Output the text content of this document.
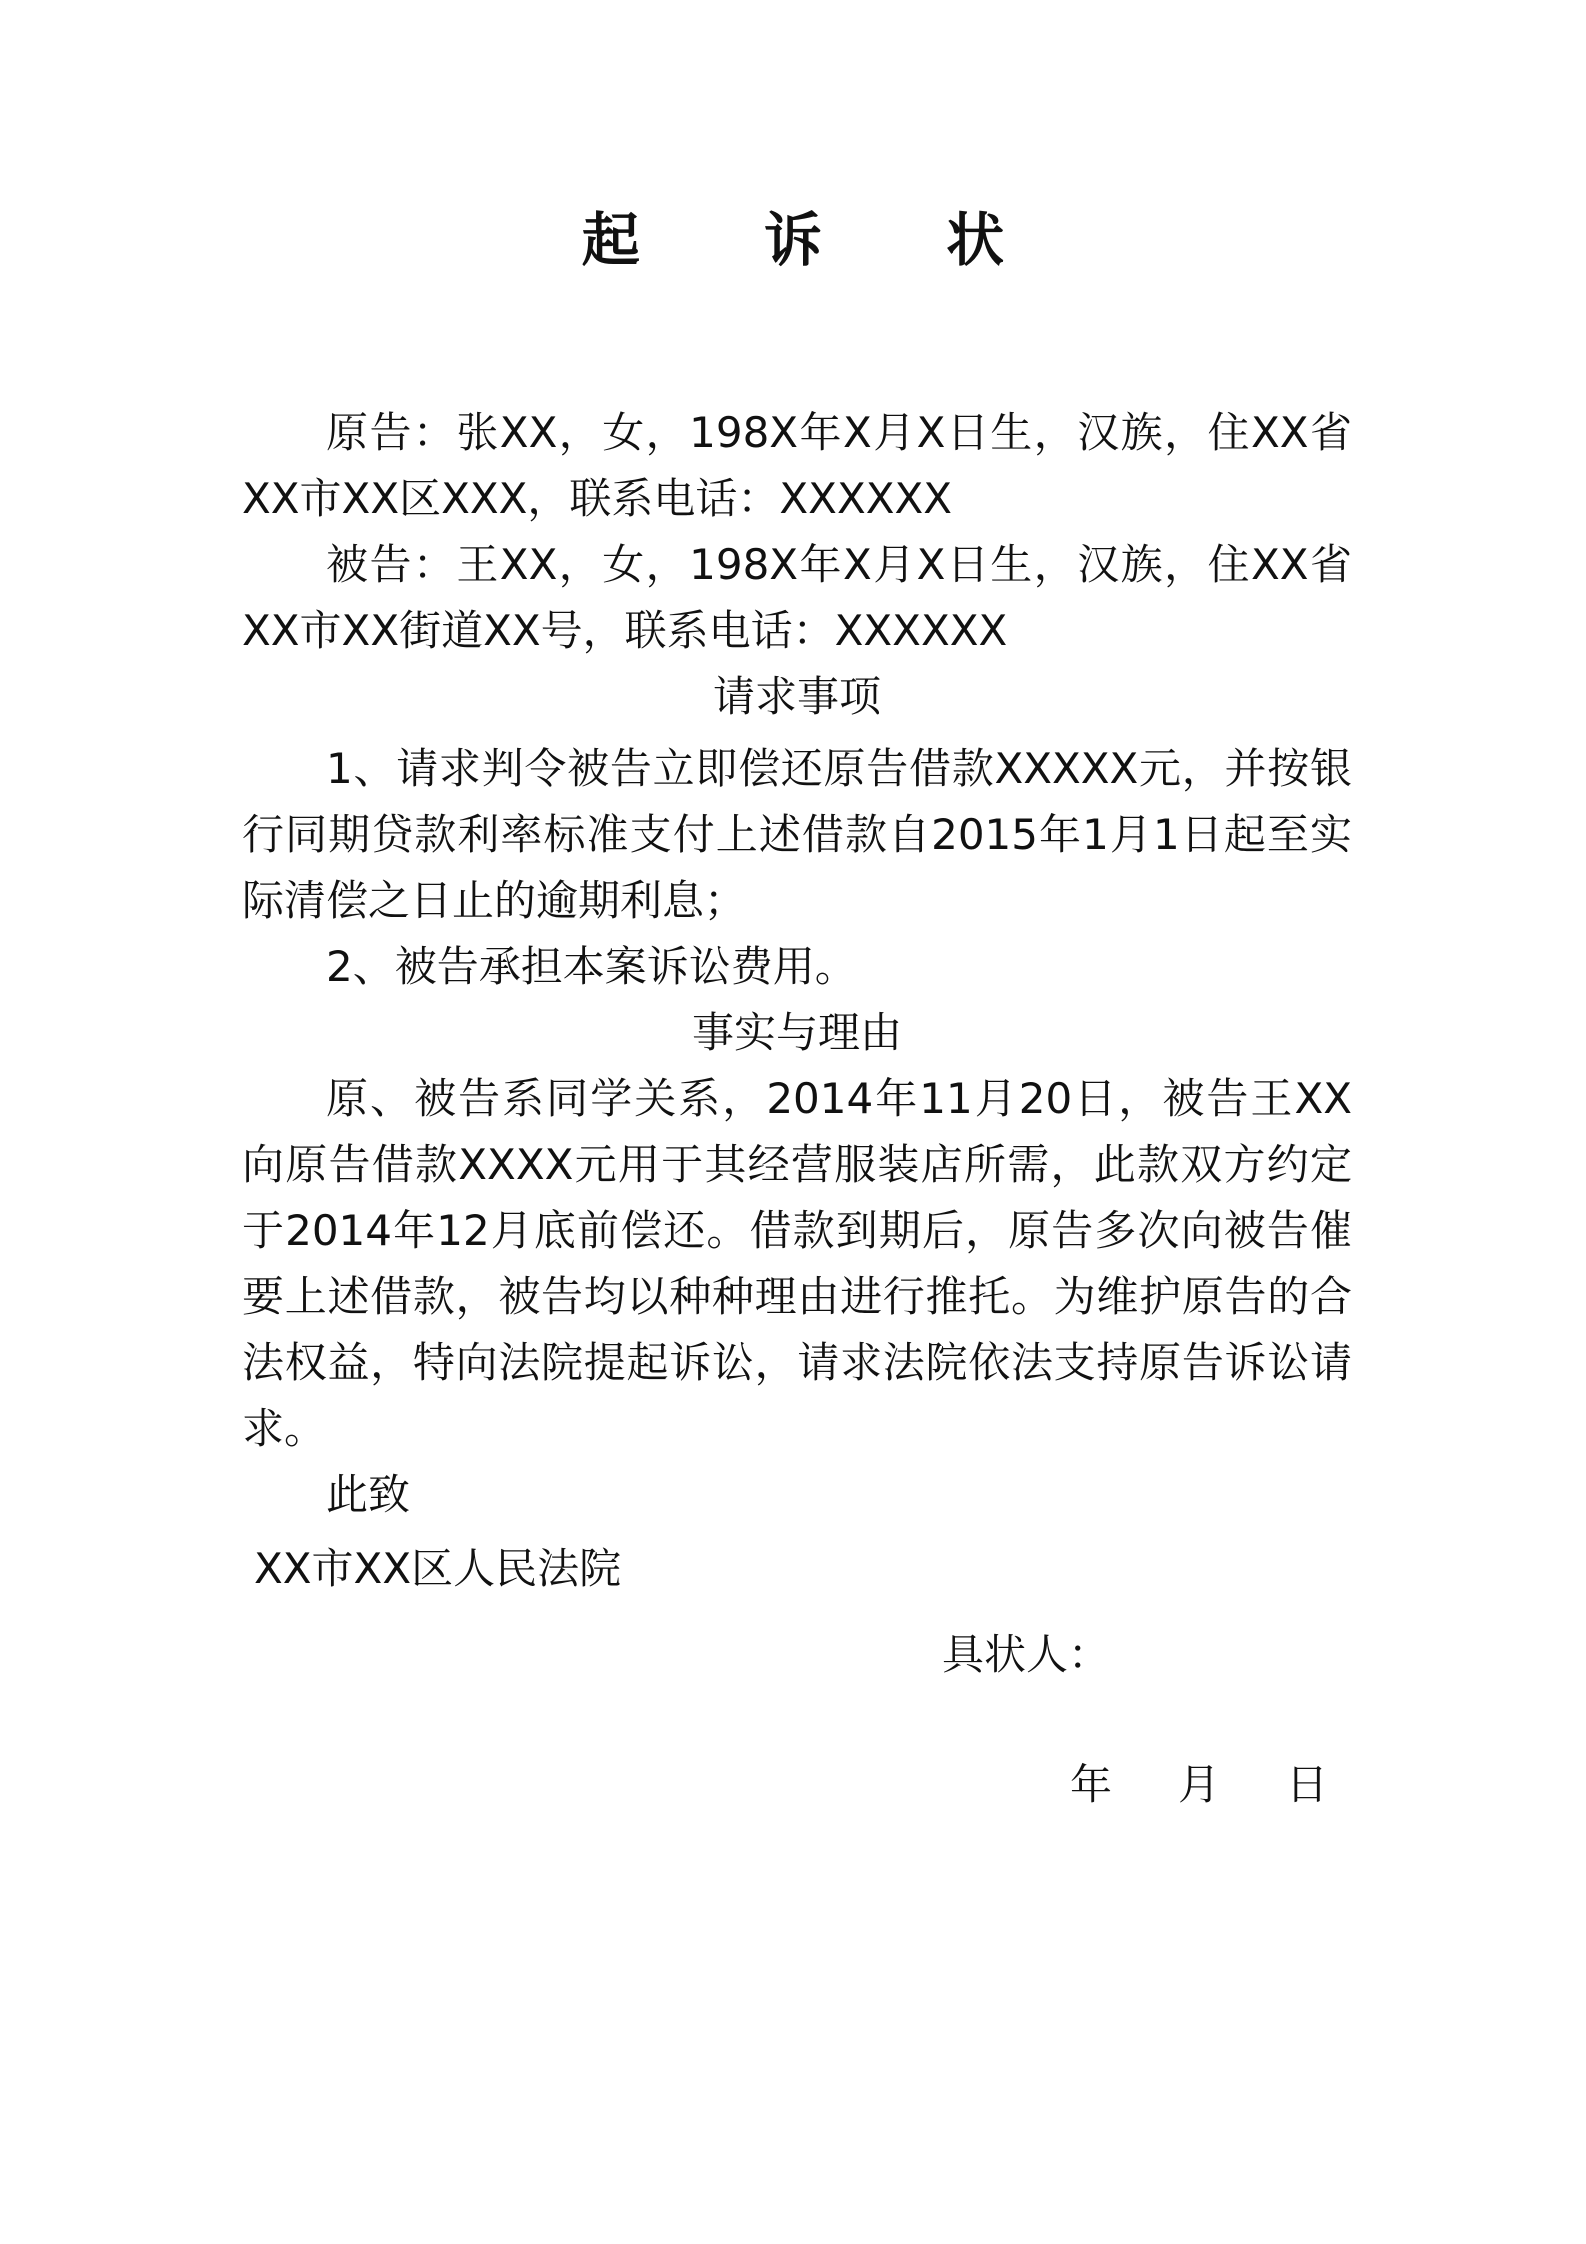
起 诉 状

原告：张XX，女，198X年X月X日生，汉族，住XX省XX市XX区XXX，联系电话：XXXXXX

被告：王XX，女，198X年X月X日生，汉族，住XX省XX市XX街道XX号，联系电话：XXXXXX

请求事项

1、请求判令被告立即偿还原告借款XXXXX元，并按银行同期贷款利率标准支付上述借款自2015年1月1日起至实际清偿之日止的逾期利息；

2、被告承担本案诉讼费用。

事实与理由

原、被告系同学关系，2014年11月20日，被告王XX向原告借款XXXX元用于其经营服装店所需，此款双方约定于2014年12月底前偿还。借款到期后，原告多次向被告催要上述借款，被告均以种种理由进行推托。为维护原告的合法权益，特向法院提起诉讼，请求法院依法支持原告诉讼请求。

此致

XX市XX区人民法院

具状人：
年 月 日
